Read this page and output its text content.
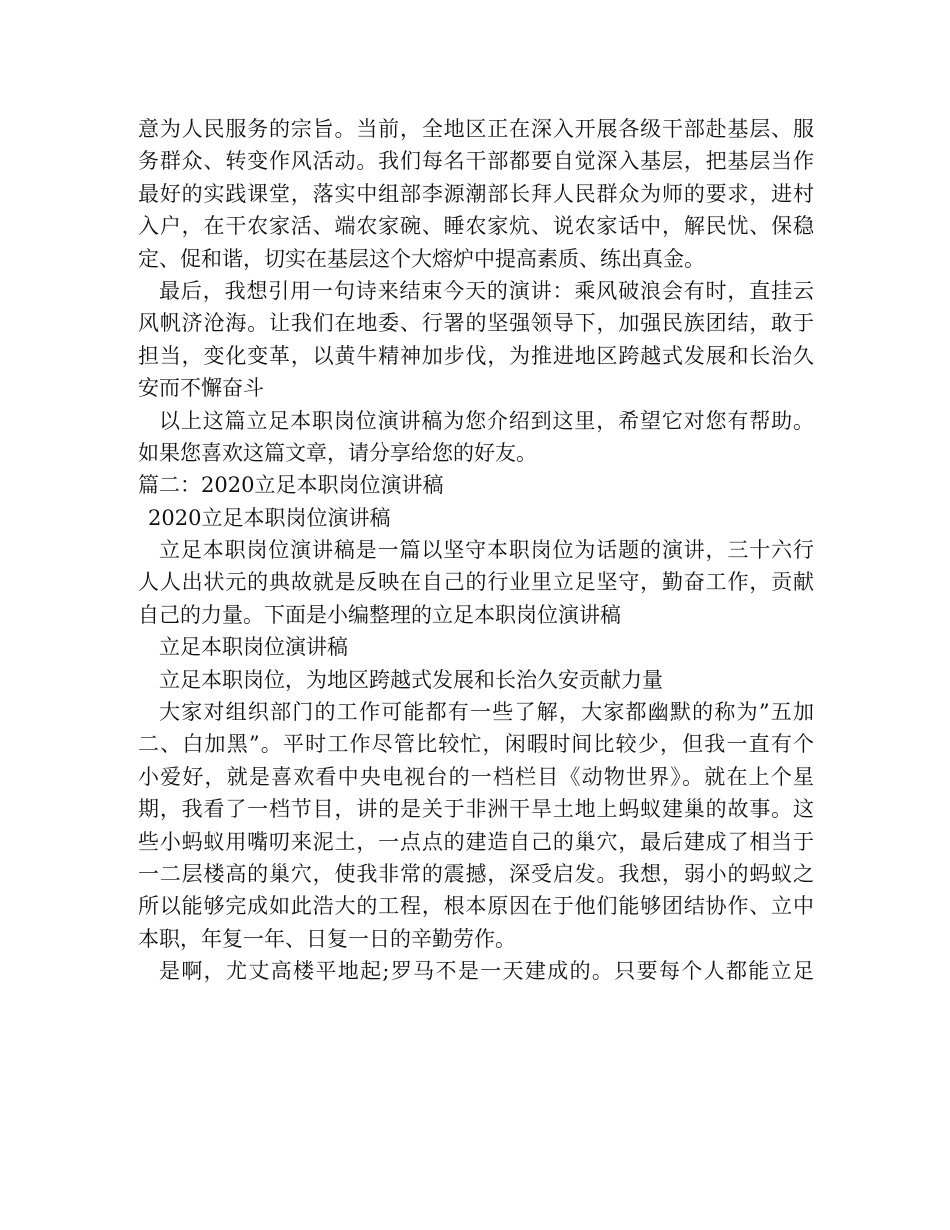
意为人民服务的宗旨。当前，全地区正在深入开展各级干部赴基层、服
务群众、转变作风活动。我们每名干部都要自觉深入基层，把基层当作
最好的实践课堂，落实中组部李源潮部长拜人民群众为师的要求，进村
入户，在干农家活、端农家碗、睡农家炕、说农家话中，解民忧、保稳
定、促和谐，切实在基层这个大熔炉中提高素质、练出真金。
最后，我想引用一句诗来结束今天的演讲：乘风破浪会有时，直挂云
风帆济沧海。让我们在地委、行署的坚强领导下，加强民族团结，敢于
担当，变化变革，以黄牛精神加步伐，为推进地区跨越式发展和长治久
安而不懈奋斗
以上这篇立足本职岗位演讲稿为您介绍到这里，希望它对您有帮助。
如果您喜欢这篇文章，请分享给您的好友。
篇二：2020立足本职岗位演讲稿
2020立足本职岗位演讲稿
立足本职岗位演讲稿是一篇以坚守本职岗位为话题的演讲，三十六行
人人出状元的典故就是反映在自己的行业里立足坚守，勤奋工作，贡献
自己的力量。下面是小编整理的立足本职岗位演讲稿
立足本职岗位演讲稿
立足本职岗位，为地区跨越式发展和长治久安贡献力量
大家对组织部门的工作可能都有一些了解，大家都幽默的称为”五加
二、白加黑”。平时工作尽管比较忙，闲暇时间比较少，但我一直有个
小爱好，就是喜欢看中央电视台的一档栏目《动物世界》。就在上个星
期，我看了一档节目，讲的是关于非洲干旱土地上蚂蚁建巢的故事。这
些小蚂蚁用嘴叨来泥土，一点点的建造自己的巢穴，最后建成了相当于
一二层楼高的巢穴，使我非常的震撼，深受启发。我想，弱小的蚂蚁之
所以能够完成如此浩大的工程，根本原因在于他们能够团结协作、立中
本职，年复一年、日复一日的辛勤劳作。
是啊，尤丈高楼平地起;罗马不是一天建成的。只要每个人都能立足
